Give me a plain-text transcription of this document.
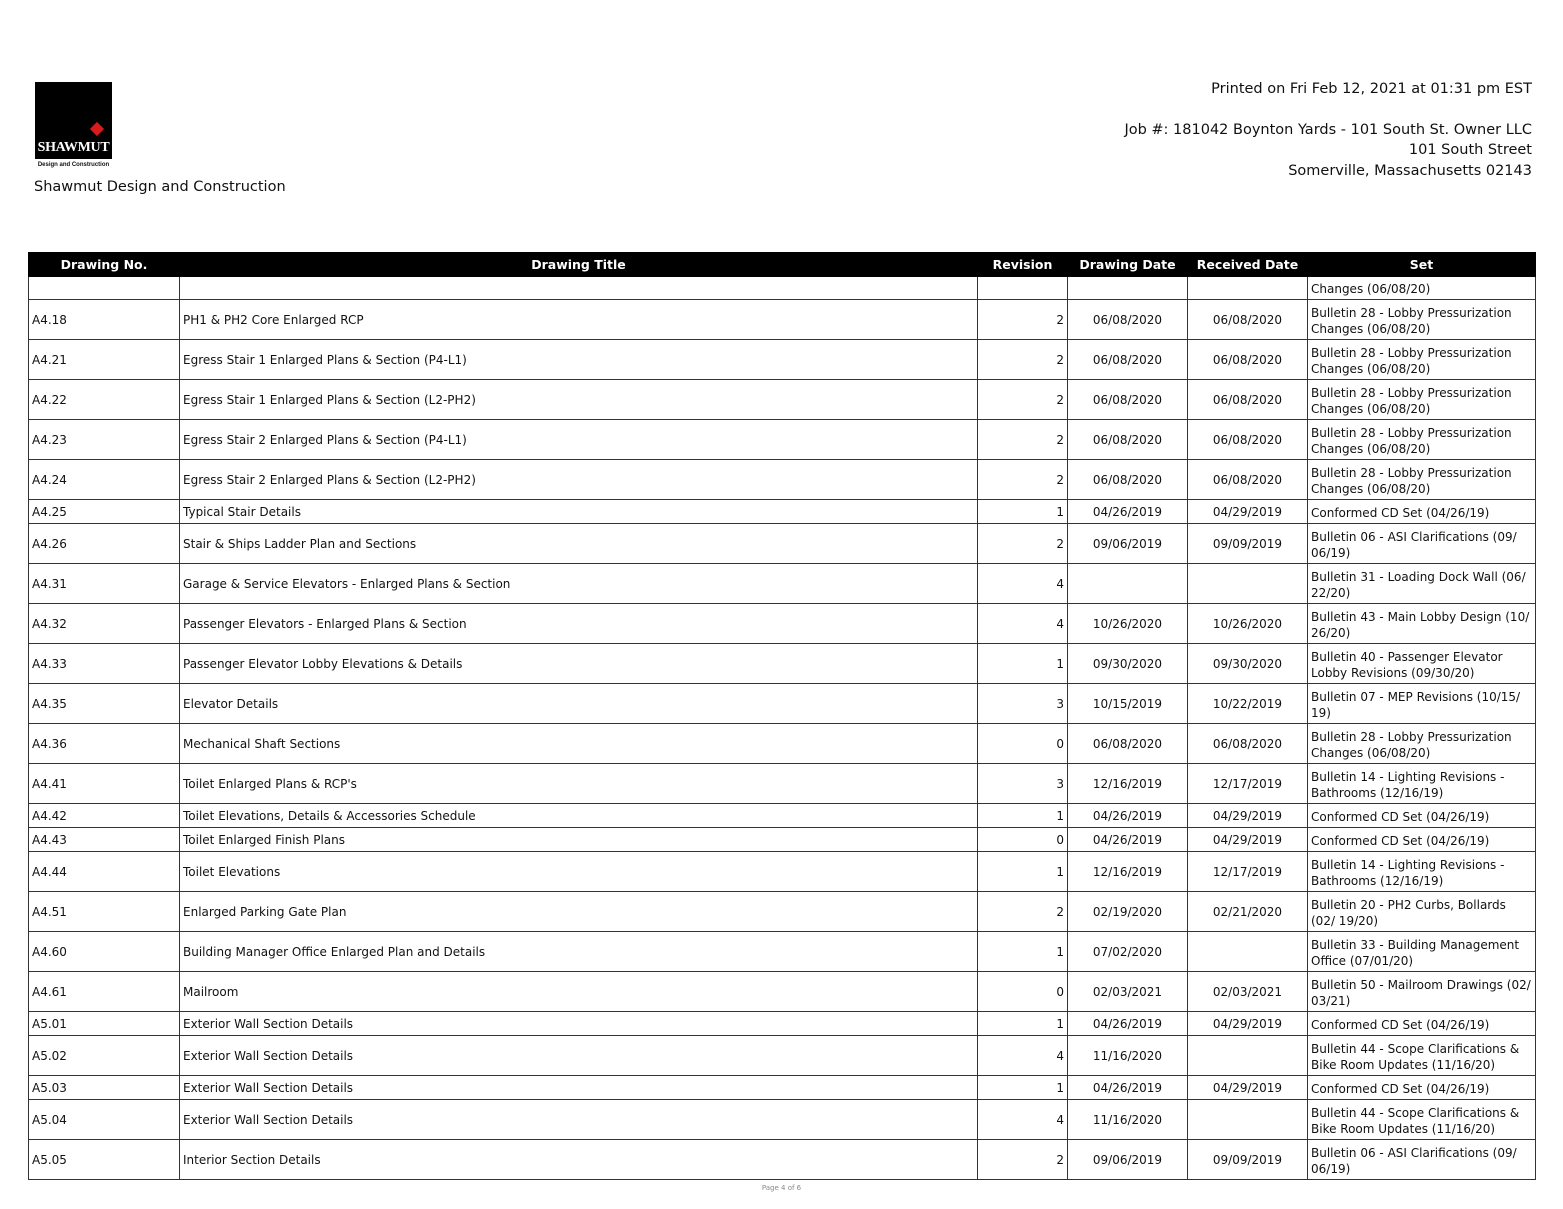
SHAWMUT
Design and Construction
Shawmut Design and Construction
Printed on Fri Feb 12, 2021 at 01:31 pm EST
Job #: 181042 Boynton Yards - 101 South St. Owner LLC
101 South Street
Somerville, Massachusetts 02143
Drawing No.	Drawing Title	Revision	Drawing Date	Received Date	Set
					Changes (06/08/20)
A4.18	PH1 & PH2 Core Enlarged RCP	2	06/08/2020	06/08/2020	Bulletin 28 - Lobby Pressurization Changes (06/08/20)
A4.21	Egress Stair 1 Enlarged Plans & Section (P4-L1)	2	06/08/2020	06/08/2020	Bulletin 28 - Lobby Pressurization Changes (06/08/20)
A4.22	Egress Stair 1 Enlarged Plans & Section (L2-PH2)	2	06/08/2020	06/08/2020	Bulletin 28 - Lobby Pressurization Changes (06/08/20)
A4.23	Egress Stair 2 Enlarged Plans & Section (P4-L1)	2	06/08/2020	06/08/2020	Bulletin 28 - Lobby Pressurization Changes (06/08/20)
A4.24	Egress Stair 2 Enlarged Plans & Section (L2-PH2)	2	06/08/2020	06/08/2020	Bulletin 28 - Lobby Pressurization Changes (06/08/20)
A4.25	Typical Stair Details	1	04/26/2019	04/29/2019	Conformed CD Set (04/26/19)
A4.26	Stair & Ships Ladder Plan and Sections	2	09/06/2019	09/09/2019	Bulletin 06 - ASI Clarifications (09/ 06/19)
A4.31	Garage & Service Elevators - Enlarged Plans & Section	4			Bulletin 31 - Loading Dock Wall (06/ 22/20)
A4.32	Passenger Elevators - Enlarged Plans & Section	4	10/26/2020	10/26/2020	Bulletin 43 - Main Lobby Design (10/ 26/20)
A4.33	Passenger Elevator Lobby Elevations & Details	1	09/30/2020	09/30/2020	Bulletin 40 - Passenger Elevator Lobby Revisions (09/30/20)
A4.35	Elevator Details	3	10/15/2019	10/22/2019	Bulletin 07 - MEP Revisions (10/15/ 19)
A4.36	Mechanical Shaft Sections	0	06/08/2020	06/08/2020	Bulletin 28 - Lobby Pressurization Changes (06/08/20)
A4.41	Toilet Enlarged Plans & RCP's	3	12/16/2019	12/17/2019	Bulletin 14 - Lighting Revisions - Bathrooms (12/16/19)
A4.42	Toilet Elevations, Details & Accessories Schedule	1	04/26/2019	04/29/2019	Conformed CD Set (04/26/19)
A4.43	Toilet Enlarged Finish Plans	0	04/26/2019	04/29/2019	Conformed CD Set (04/26/19)
A4.44	Toilet Elevations	1	12/16/2019	12/17/2019	Bulletin 14 - Lighting Revisions - Bathrooms (12/16/19)
A4.51	Enlarged Parking Gate Plan	2	02/19/2020	02/21/2020	Bulletin 20 - PH2 Curbs, Bollards (02/ 19/20)
A4.60	Building Manager Office Enlarged Plan and Details	1	07/02/2020		Bulletin 33 - Building Management Office (07/01/20)
A4.61	Mailroom	0	02/03/2021	02/03/2021	Bulletin 50 - Mailroom Drawings (02/ 03/21)
A5.01	Exterior Wall Section Details	1	04/26/2019	04/29/2019	Conformed CD Set (04/26/19)
A5.02	Exterior Wall Section Details	4	11/16/2020		Bulletin 44 - Scope Clarifications & Bike Room Updates (11/16/20)
A5.03	Exterior Wall Section Details	1	04/26/2019	04/29/2019	Conformed CD Set (04/26/19)
A5.04	Exterior Wall Section Details	4	11/16/2020		Bulletin 44 - Scope Clarifications & Bike Room Updates (11/16/20)
A5.05	Interior Section Details	2	09/06/2019	09/09/2019	Bulletin 06 - ASI Clarifications (09/ 06/19)
Page 4 of 6
